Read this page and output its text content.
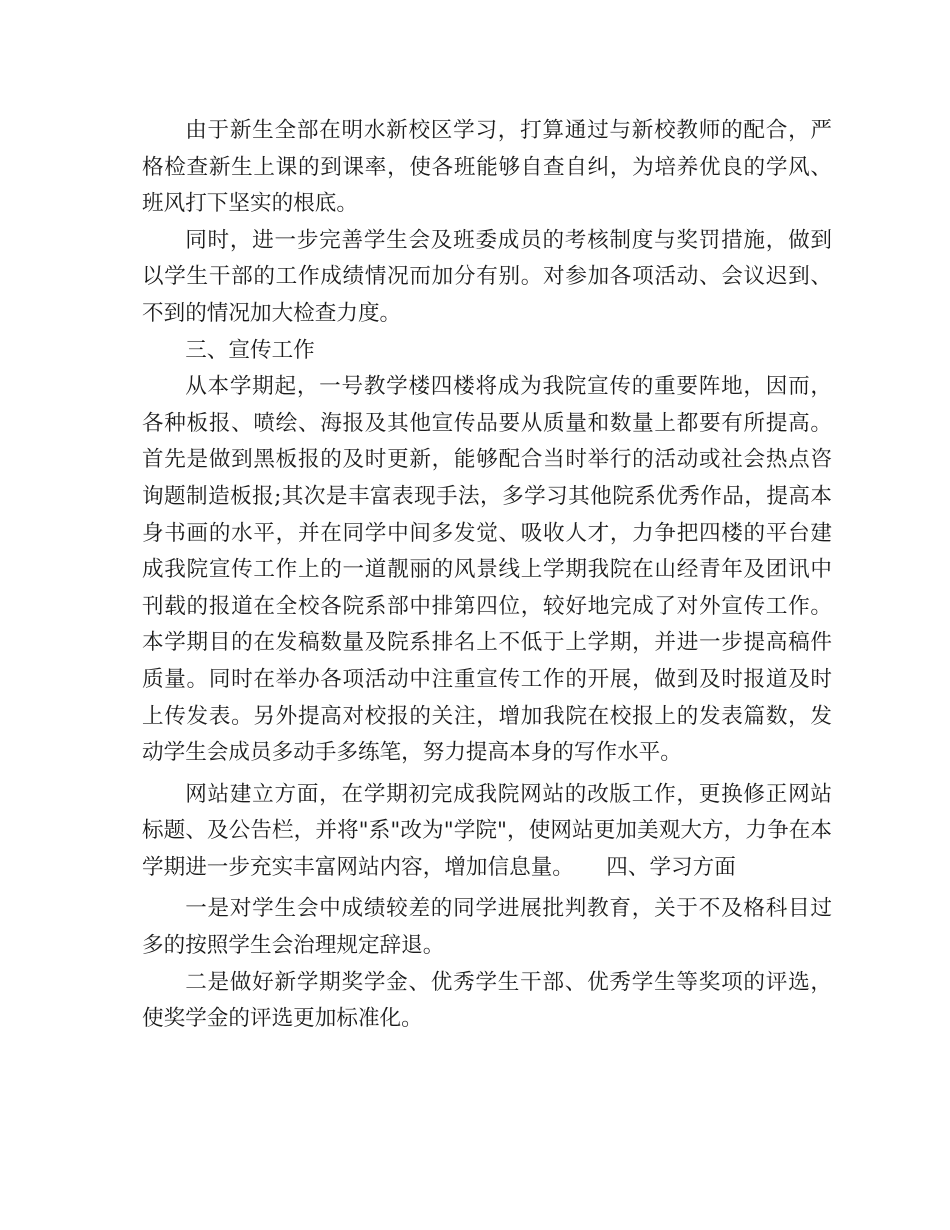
由于新生全部在明水新校区学习，打算通过与新校教师的配合，严格检查新生上课的到课率，使各班能够自查自纠，为培养优良的学风、班风打下坚实的根底。

同时，进一步完善学生会及班委成员的考核制度与奖罚措施，做到以学生干部的工作成绩情况而加分有别。对参加各项活动、会议迟到、不到的情况加大检查力度。

三、宣传工作

从本学期起，一号教学楼四楼将成为我院宣传的重要阵地，因而，各种板报、喷绘、海报及其他宣传品要从质量和数量上都要有所提高。首先是做到黑板报的及时更新，能够配合当时举行的活动或社会热点咨询题制造板报;其次是丰富表现手法，多学习其他院系优秀作品，提高本身书画的水平，并在同学中间多发觉、吸收人才，力争把四楼的平台建成我院宣传工作上的一道靓丽的风景线上学期我院在山经青年及团讯中刊载的报道在全校各院系部中排第四位，较好地完成了对外宣传工作。本学期目的在发稿数量及院系排名上不低于上学期，并进一步提高稿件质量。同时在举办各项活动中注重宣传工作的开展，做到及时报道及时上传发表。另外提高对校报的关注，增加我院在校报上的发表篇数，发动学生会成员多动手多练笔，努力提高本身的写作水平。

网站建立方面，在学期初完成我院网站的改版工作，更换修正网站标题、及公告栏，并将"系"改为"学院"，使网站更加美观大方，力争在本学期进一步充实丰富网站内容，增加信息量。　　四、学习方面

一是对学生会中成绩较差的同学进展批判教育，关于不及格科目过多的按照学生会治理规定辞退。

二是做好新学期奖学金、优秀学生干部、优秀学生等奖项的评选，使奖学金的评选更加标准化。
